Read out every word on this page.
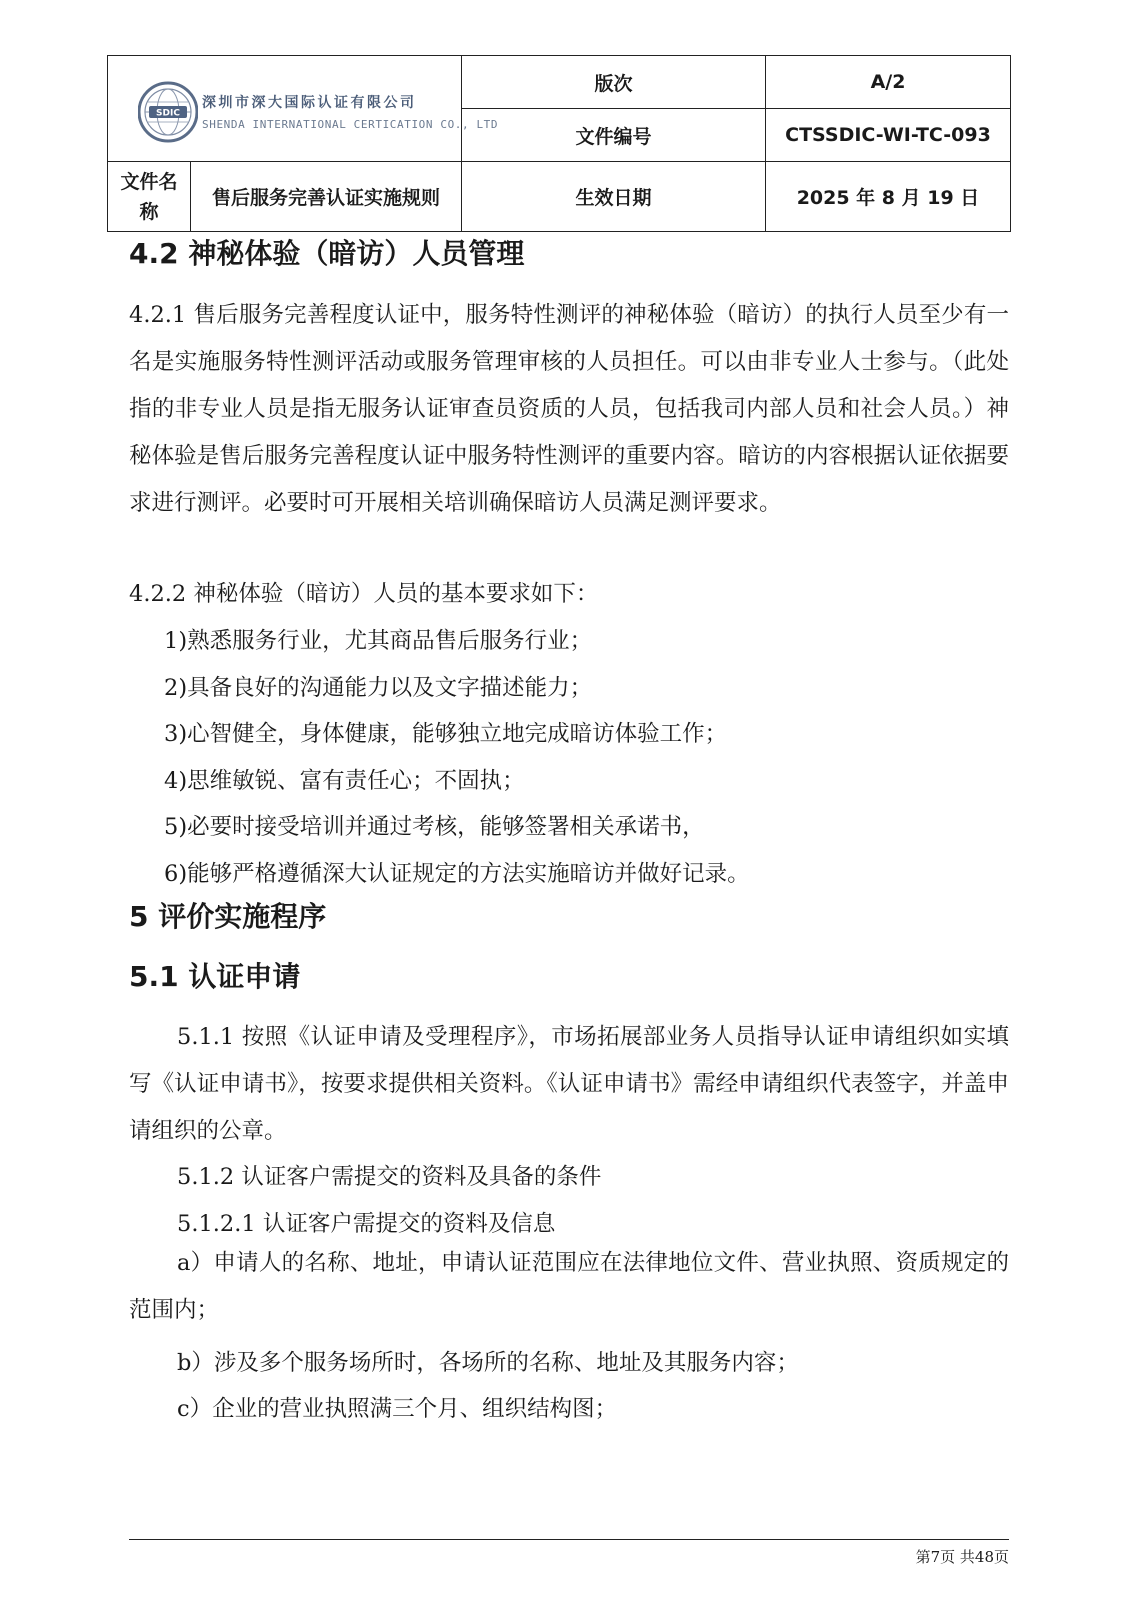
SDIC
深圳市深大国际认证有限公司
SHENDA INTERNATIONAL CERTICATION CO., LTD		版次	A/2
		文件编号	CTSSDIC-WI-TC-093
文件名称	售后服务完善认证实施规则	生效日期	2025 年 8 月 19 日
4.2 神秘体验（暗访）人员管理

4.2.1 售后服务完善程度认证中，服务特性测评的神秘体验（暗访）的执行人员至少有一名是实施服务特性测评活动或服务管理审核的人员担任。可以由非专业人士参与。（此处指的非专业人员是指无服务认证审查员资质的人员，包括我司内部人员和社会人员。）神秘体验是售后服务完善程度认证中服务特性测评的重要内容。暗访的内容根据认证依据要求进行测评。必要时可开展相关培训确保暗访人员满足测评要求。

4.2.2 神秘体验（暗访）人员的基本要求如下：
1)熟悉服务行业，尤其商品售后服务行业；
2)具备良好的沟通能力以及文字描述能力；
3)心智健全，身体健康，能够独立地完成暗访体验工作；
4)思维敏锐、富有责任心；不固执；
5)必要时接受培训并通过考核，能够签署相关承诺书，
6)能够严格遵循深大认证规定的方法实施暗访并做好记录。
5 评价实施程序
5.1 认证申请

5.1.1 按照《认证申请及受理程序》，市场拓展部业务人员指导认证申请组织如实填写《认证申请书》，按要求提供相关资料。《认证申请书》需经申请组织代表签字，并盖申请组织的公章。

5.1.2 认证客户需提交的资料及具备的条件
5.1.2.1 认证客户需提交的资料及信息

a）申请人的名称、地址，申请认证范围应在法律地位文件、营业执照、资质规定的范围内；

b）涉及多个服务场所时，各场所的名称、地址及其服务内容；
c）企业的营业执照满三个月、组织结构图；
第7页 共48页
